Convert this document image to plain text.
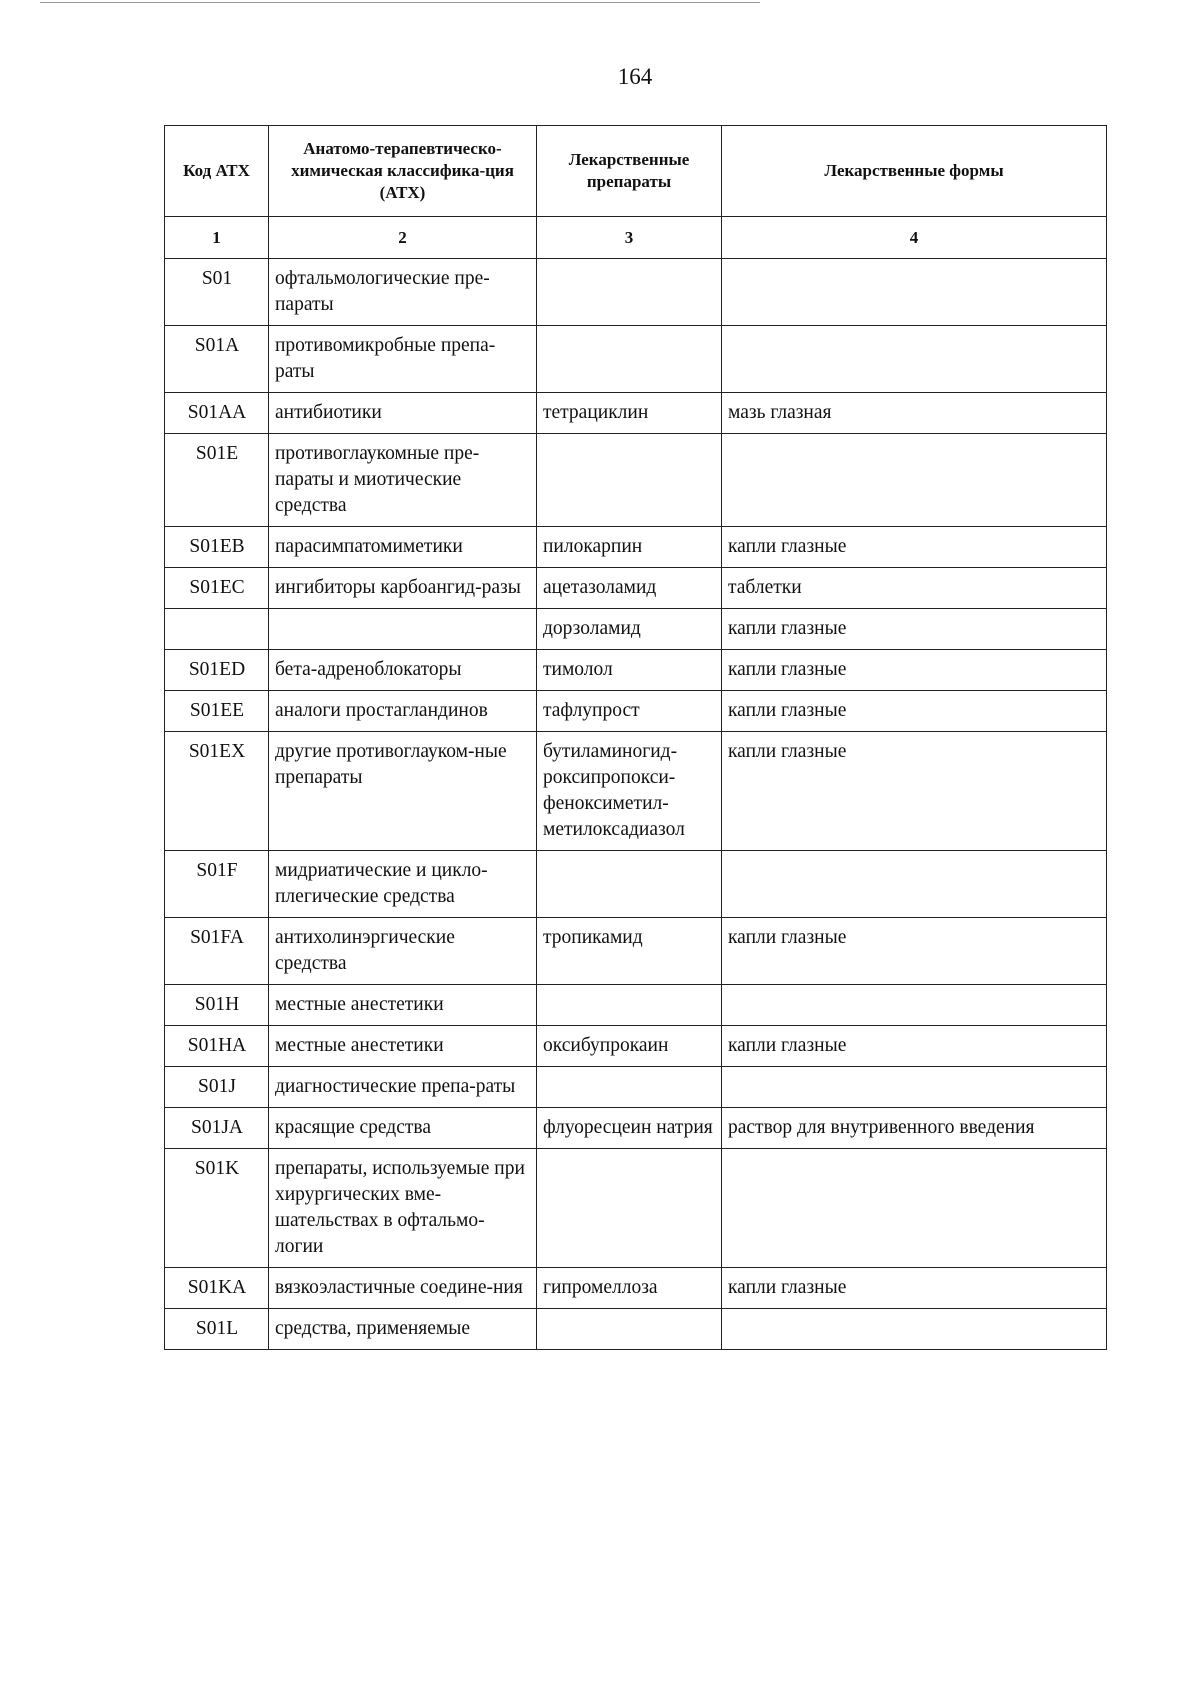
164
Код АТХ	Анатомо-терапевтическо-химическая классифика-ция (АТХ)	Лекарственные препараты	Лекарственные формы
1	2	3	4

S01	офтальмологические пре-параты		

S01A	противомикробные препа-раты		

S01AA	антибиотики	тетрациклин	мазь глазная

S01E	противоглаукомные пре-параты и миотические средства		

S01EB	парасимпатомиметики	пилокарпин	капли глазные

S01EC	ингибиторы карбоангид-разы	ацетазоламид	таблетки

		дорзоламид	капли глазные

S01ED	бета-адреноблокаторы	тимолол	капли глазные

S01EE	аналоги простагландинов	тафлупрост	капли глазные

S01EX	другие противоглауком-ные препараты	бутиламиногид-роксипропокси-феноксиметил-метилоксадиазол	капли глазные

S01F	мидриатические и цикло-плегические средства		

S01FA	антихолинэргические средства	тропикамид	капли глазные

S01H	местные анестетики		

S01HA	местные анестетики	оксибупрокаин	капли глазные

S01J	диагностические препа-раты		

S01JA	красящие средства	флуоресцеин натрия	раствор для внутривенного введения

S01K	препараты, используемые при хирургических вме-шательствах в офтальмо-логии		

S01KA	вязкоэластичные соедине-ния	гипромеллоза	капли глазные

S01L	средства, применяемые		
